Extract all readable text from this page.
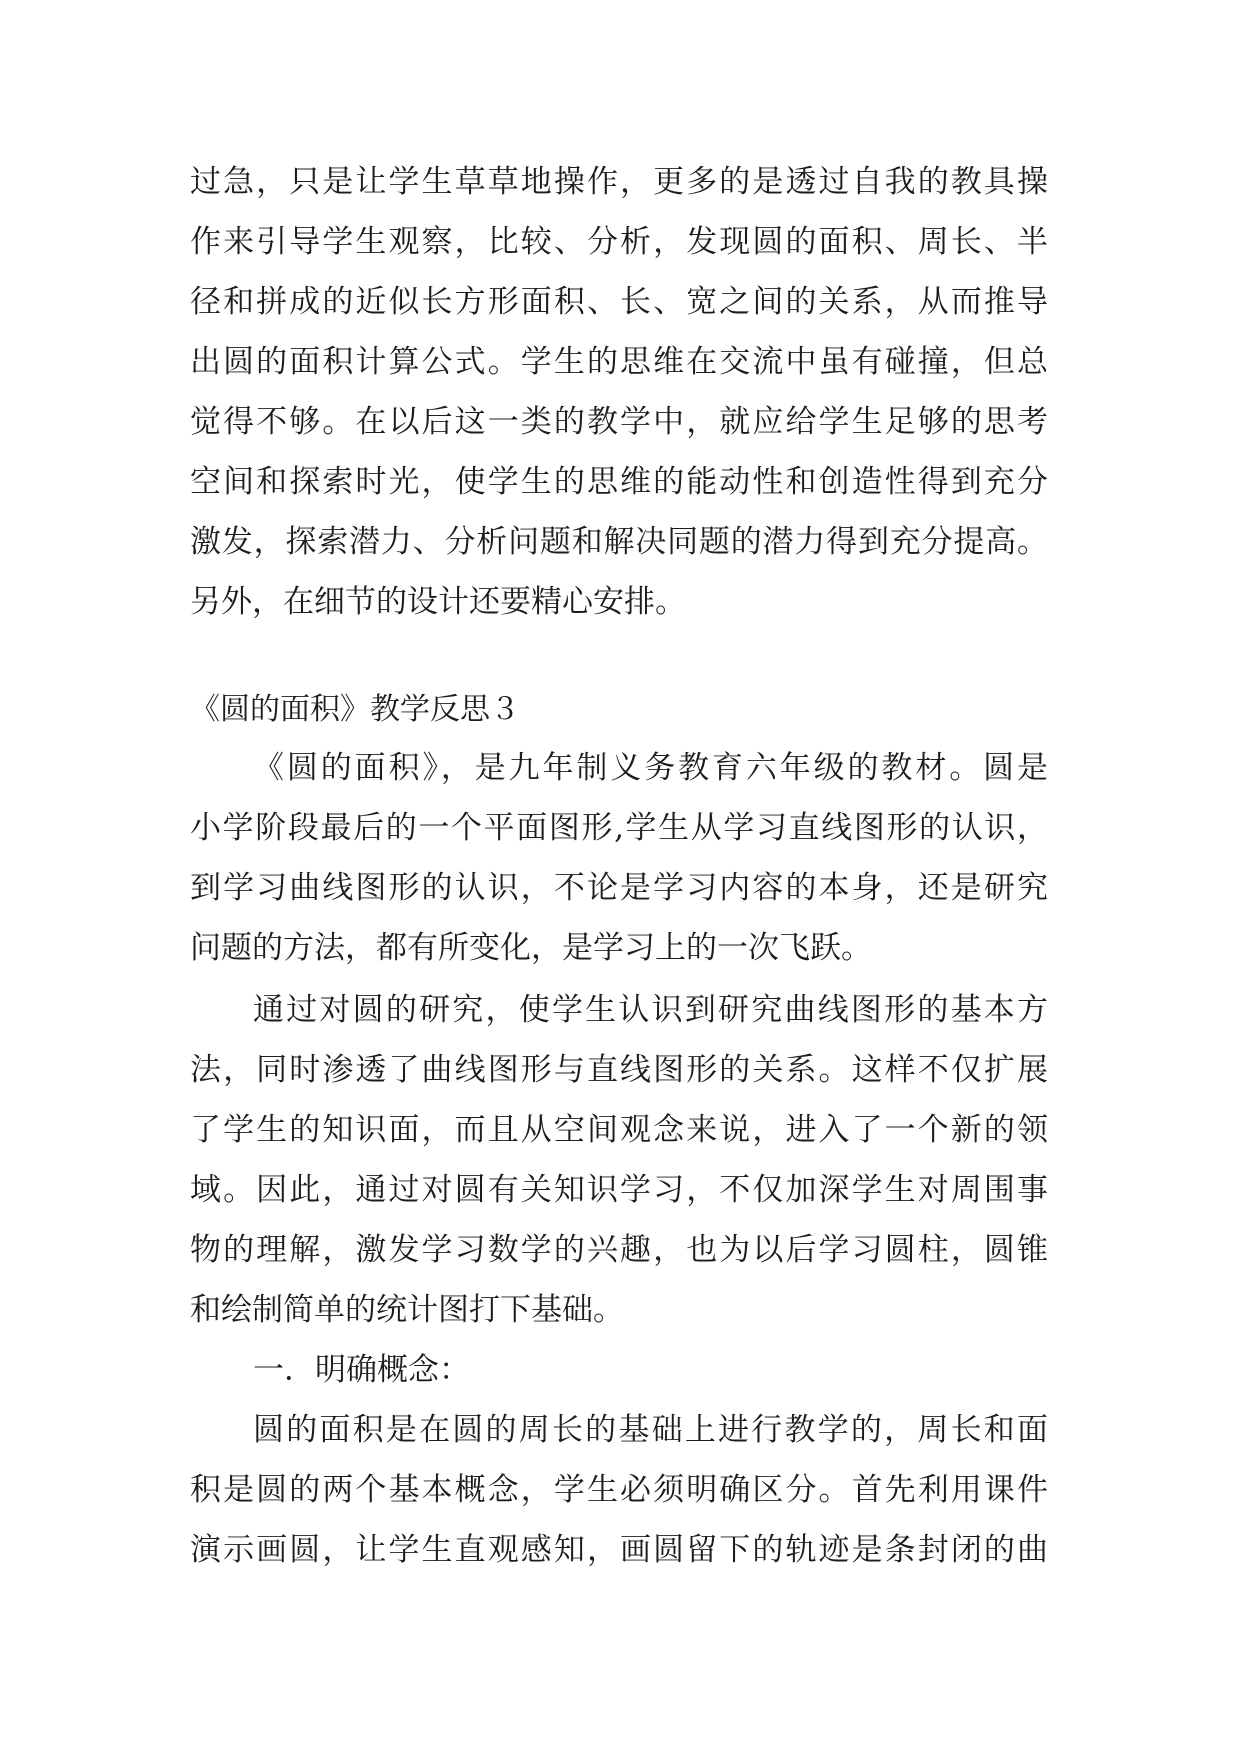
过急，只是让学生草草地操作，更多的是透过自我的教具操
作来引导学生观察，比较、分析，发现圆的面积、周长、半
径和拼成的近似长方形面积、长、宽之间的关系，从而推导
出圆的面积计算公式。学生的思维在交流中虽有碰撞，但总
觉得不够。在以后这一类的教学中，就应给学生足够的思考
空间和探索时光，使学生的思维的能动性和创造性得到充分
激发，探索潜力、分析问题和解决同题的潜力得到充分提高。
另外，在细节的设计还要精心安排。
《圆的面积》教学反思３
《圆的面积》，是九年制义务教育六年级的教材。圆是
小学阶段最后的一个平面图形,学生从学习直线图形的认识，
到学习曲线图形的认识，不论是学习内容的本身，还是研究
问题的方法，都有所变化，是学习上的一次飞跃。
通过对圆的研究，使学生认识到研究曲线图形的基本方
法，同时渗透了曲线图形与直线图形的关系。这样不仅扩展
了学生的知识面，而且从空间观念来说，进入了一个新的领
域。因此，通过对圆有关知识学习，不仅加深学生对周围事
物的理解，激发学习数学的兴趣，也为以后学习圆柱，圆锥
和绘制简单的统计图打下基础。
一．明确概念：
圆的面积是在圆的周长的基础上进行教学的，周长和面
积是圆的两个基本概念，学生必须明确区分。首先利用课件
演示画圆，让学生直观感知，画圆留下的轨迹是条封闭的曲
